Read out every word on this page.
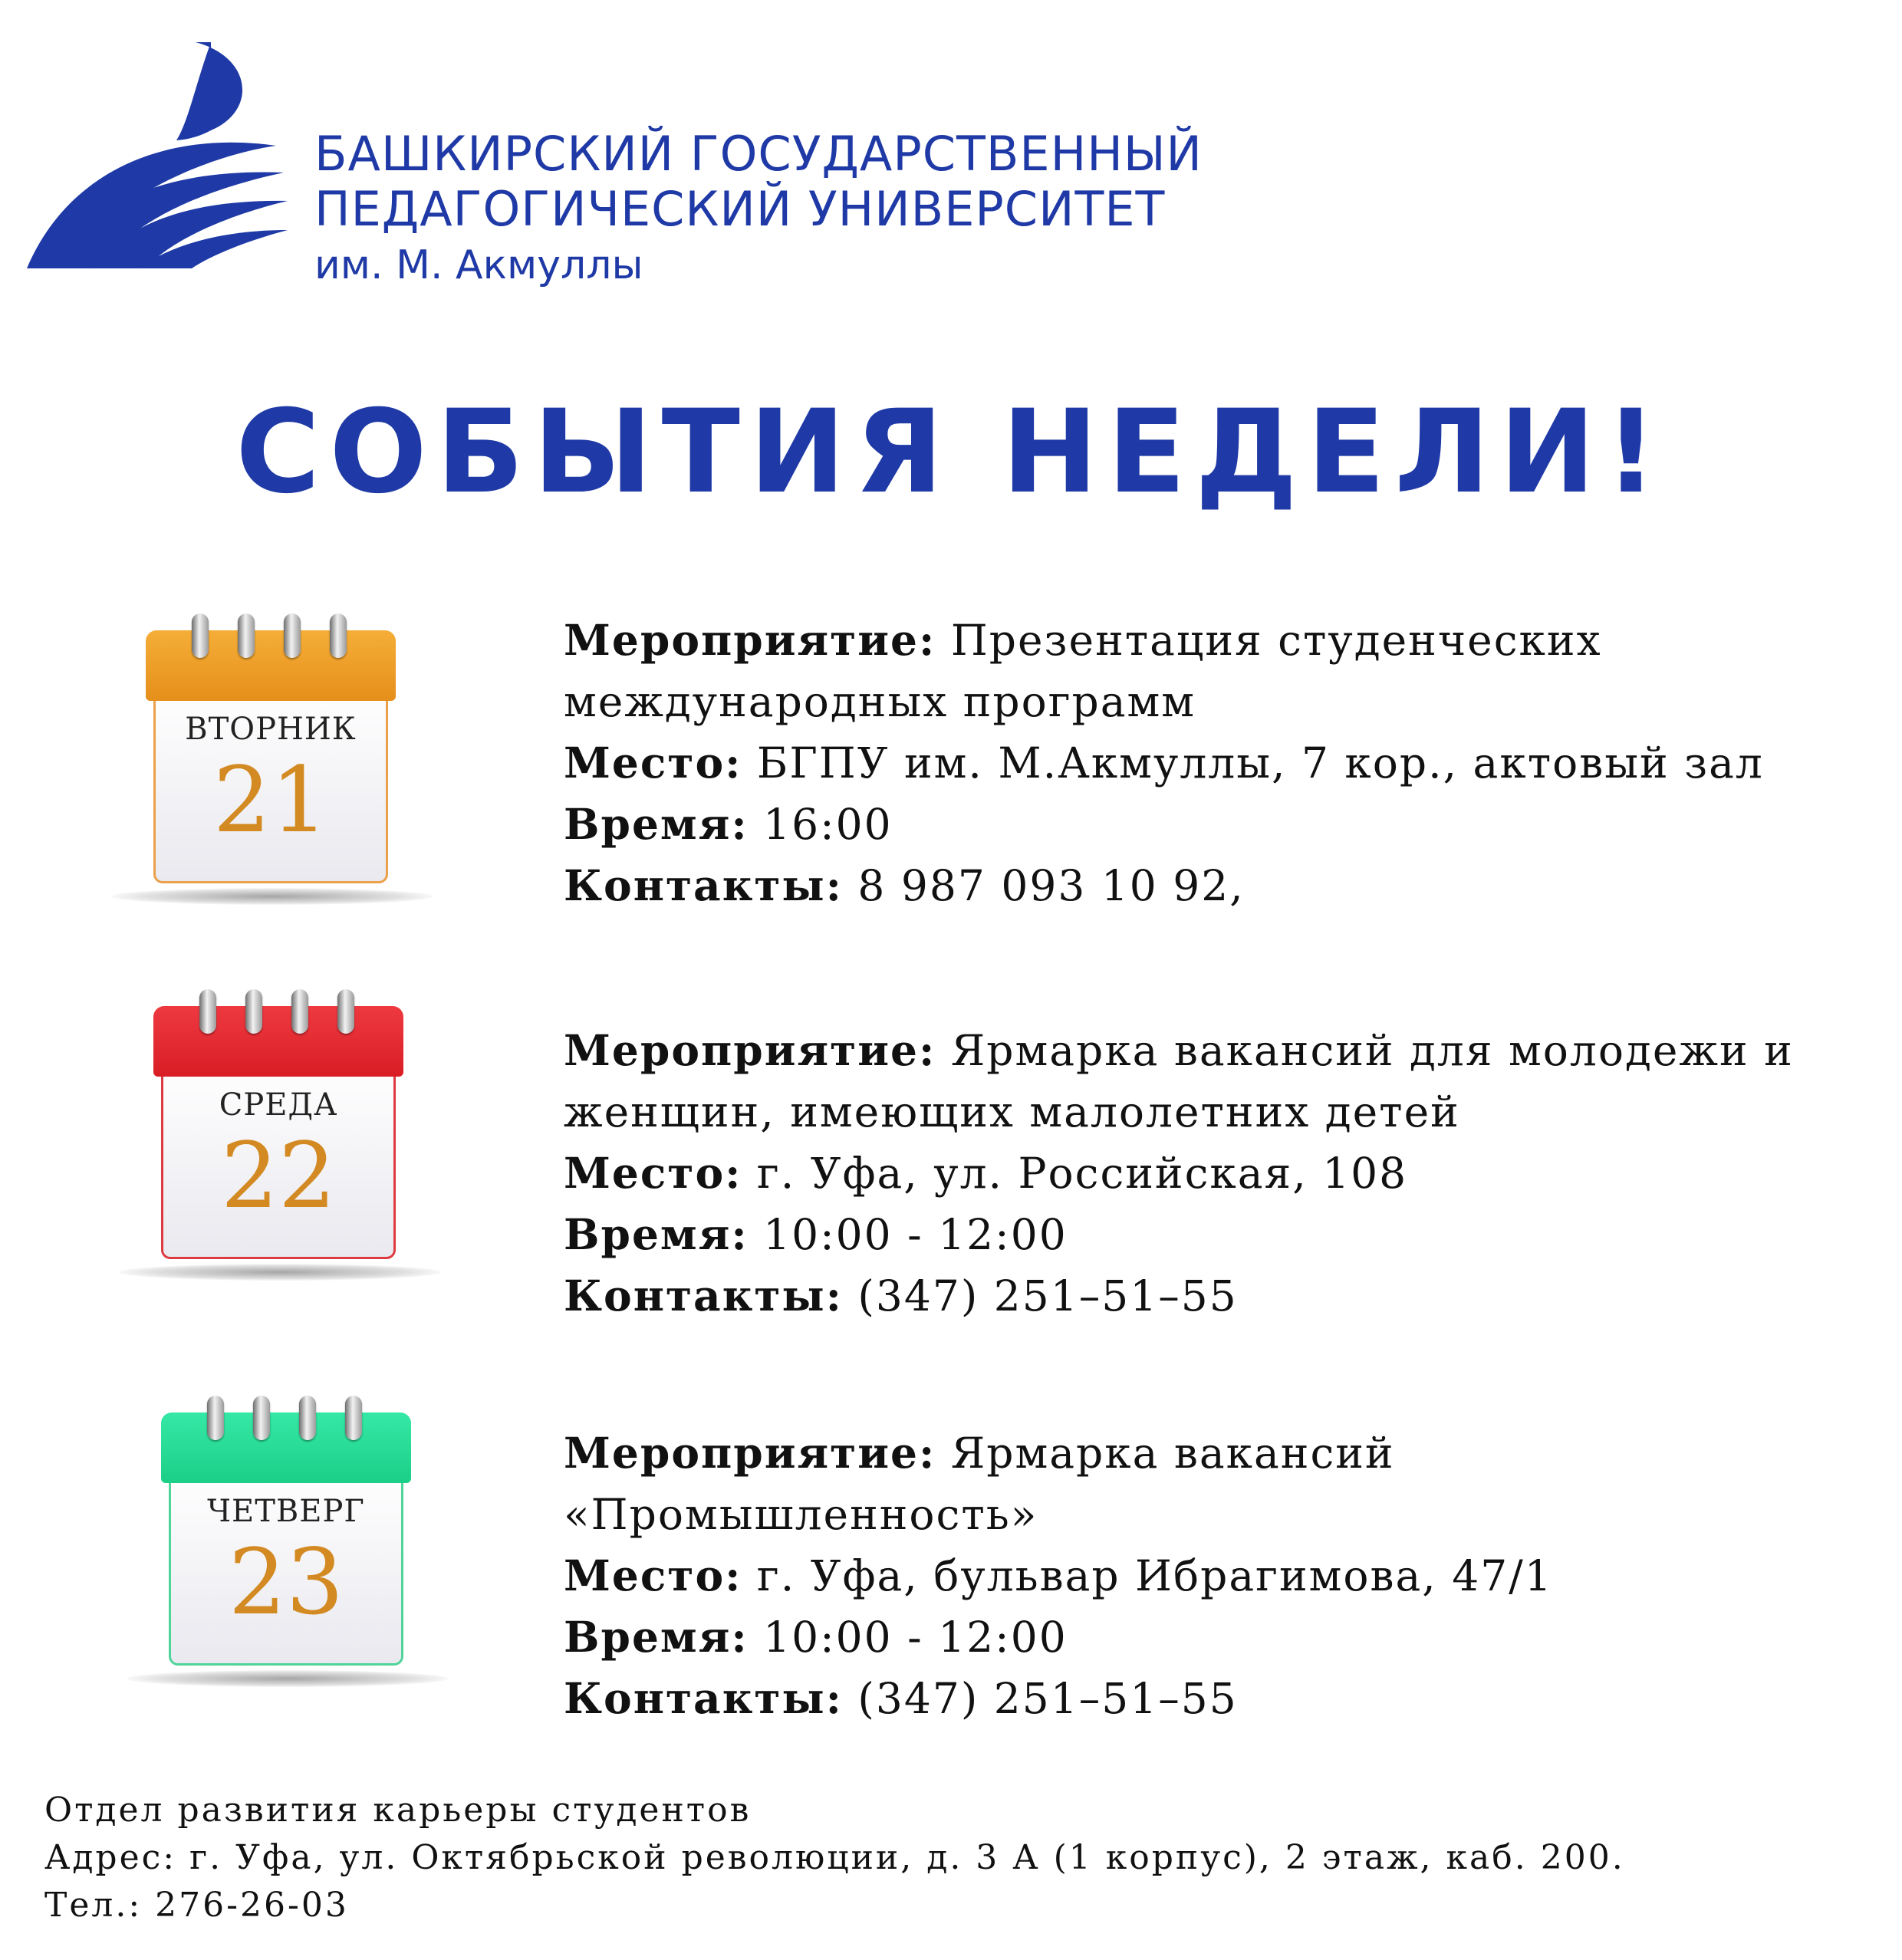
БАШКИРСКИЙ ГОСУДАРСТВЕННЫЙ
ПЕДАГОГИЧЕСКИЙ УНИВЕРСИТЕТ
им. М. Акмуллы
СОБЫТИЯ НЕДЕЛИ!
ВТОРНИК
21
Мероприятие: Презентация студенческих международных программ
Место: БГПУ им. М.Акмуллы, 7 кор., актовый зал
Время: 16:00
Контакты: 8 987 093 10 92,
СРЕДА
22
Мероприятие: Ярмарка вакансий для молодежи и женщин, имеющих малолетних детей
Место: г. Уфа, ул. Российская, 108
Время: 10:00 - 12:00
Контакты: (347) 251–51–55
ЧЕТВЕРГ
23
Мероприятие: Ярмарка вакансий «Промышленность»
Место: г. Уфа, бульвар Ибрагимова, 47/1
Время: 10:00 - 12:00
Контакты: (347) 251–51–55
Отдел развития карьеры студентов
Адрес: г. Уфа, ул. Октябрьской революции, д. 3 А (1 корпус), 2 этаж, каб. 200.
Тел.: 276-26-03
